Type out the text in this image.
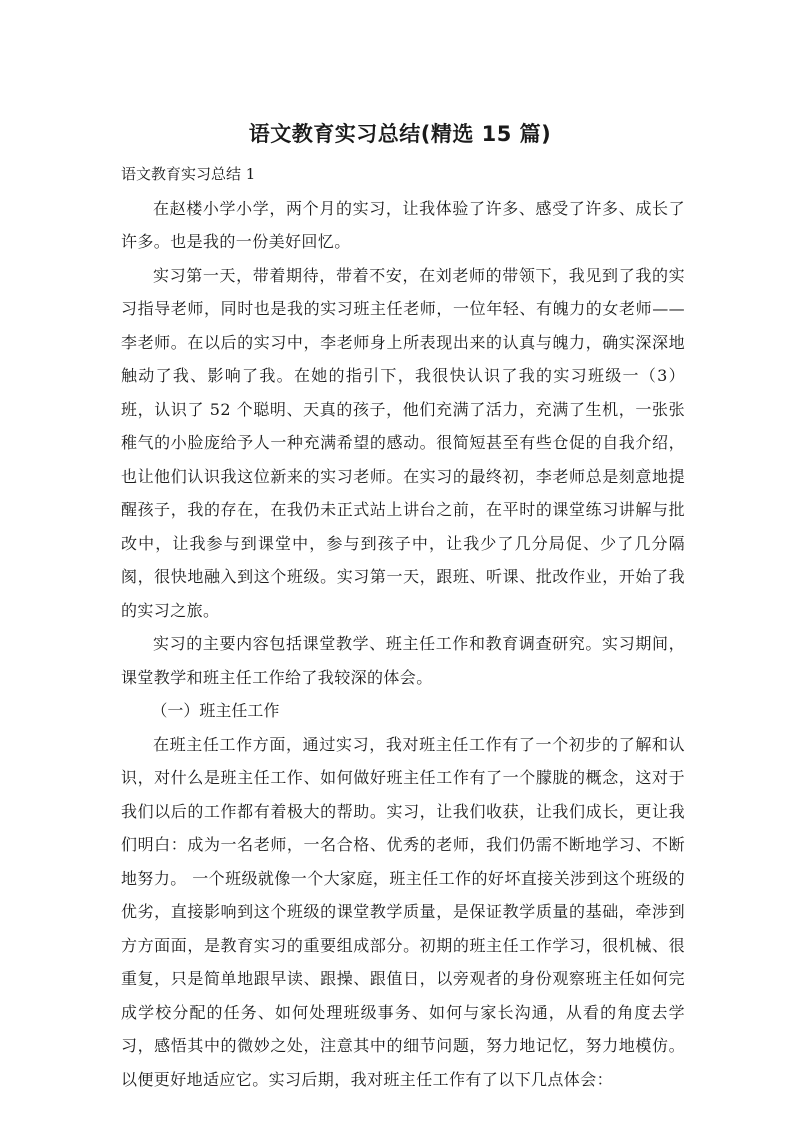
语文教育实习总结(精选 15 篇)

语文教育实习总结 1

在赵楼小学小学，两个月的实习，让我体验了许多、感受了许多、成长了许多。也是我的一份美好回忆。

实习第一天，带着期待，带着不安，在刘老师的带领下，我见到了我的实习指导老师，同时也是我的实习班主任老师，一位年轻、有魄力的女老师——李老师。在以后的实习中，李老师身上所表现出来的认真与魄力，确实深深地触动了我、影响了我。在她的指引下，我很快认识了我的实习班级一（3）班，认识了 52 个聪明、天真的孩子，他们充满了活力，充满了生机，一张张稚气的小脸庞给予人一种充满希望的感动。很简短甚至有些仓促的自我介绍，也让他们认识我这位新来的实习老师。在实习的最终初，李老师总是刻意地提醒孩子，我的存在，在我仍未正式站上讲台之前，在平时的课堂练习讲解与批改中，让我参与到课堂中，参与到孩子中，让我少了几分局促、少了几分隔阂，很快地融入到这个班级。实习第一天，跟班、听课、批改作业，开始了我的实习之旅。

实习的主要内容包括课堂教学、班主任工作和教育调查研究。实习期间，课堂教学和班主任工作给了我较深的体会。

（一）班主任工作

在班主任工作方面，通过实习，我对班主任工作有了一个初步的了解和认识，对什么是班主任工作、如何做好班主任工作有了一个朦胧的概念，这对于我们以后的工作都有着极大的帮助。实习，让我们收获，让我们成长，更让我们明白：成为一名老师，一名合格、优秀的老师，我们仍需不断地学习、不断地努力。 一个班级就像一个大家庭，班主任工作的好坏直接关涉到这个班级的优劣，直接影响到这个班级的课堂教学质量，是保证教学质量的基础，牵涉到方方面面，是教育实习的重要组成部分。初期的班主任工作学习，很机械、很重复，只是简单地跟早读、跟操、跟值日，以旁观者的身份观察班主任如何完成学校分配的任务、如何处理班级事务、如何与家长沟通，从看的角度去学习，感悟其中的微妙之处，注意其中的细节问题，努力地记忆，努力地模仿。以便更好地适应它。实习后期，我对班主任工作有了以下几点体会：
